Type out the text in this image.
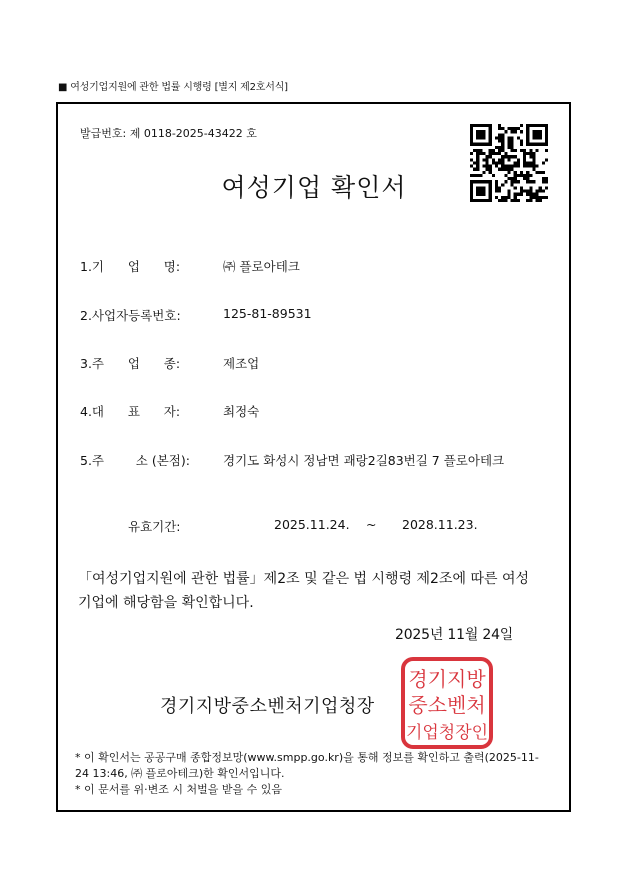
■ 여성기업지원에 관한 법률 시행령 [별지 제2호서식]
발급번호: 제 0118-2025-43422 호
여성기업 확인서
1.기      업      명:	㈜ 플로아테크
2.사업자등록번호:	125-81-89531
3.주      업      종:	제조업
4.대      표      자:	최정숙
5.주        소 (본점):	경기도 화성시 정남면 괘랑2길83번길 7 플로아테크
유효기간:	2025.11.24. ~ 2028.11.23.
「여성기업지원에 관한 법률」제2조 및 같은 법 시행령 제2조에 따른 여성기업에 해당함을 확인합니다.
2025년 11월 24일
경기지방중소벤처기업청장
경기지방
중소벤처
기업청장인
* 이 확인서는 공공구매 종합정보망(www.smpp.go.kr)을 통해 정보를 확인하고 출력(2025-11-24 13:46, ㈜ 플로아테크)한 확인서입니다.
* 이 문서를 위·변조 시 처벌을 받을 수 있음
